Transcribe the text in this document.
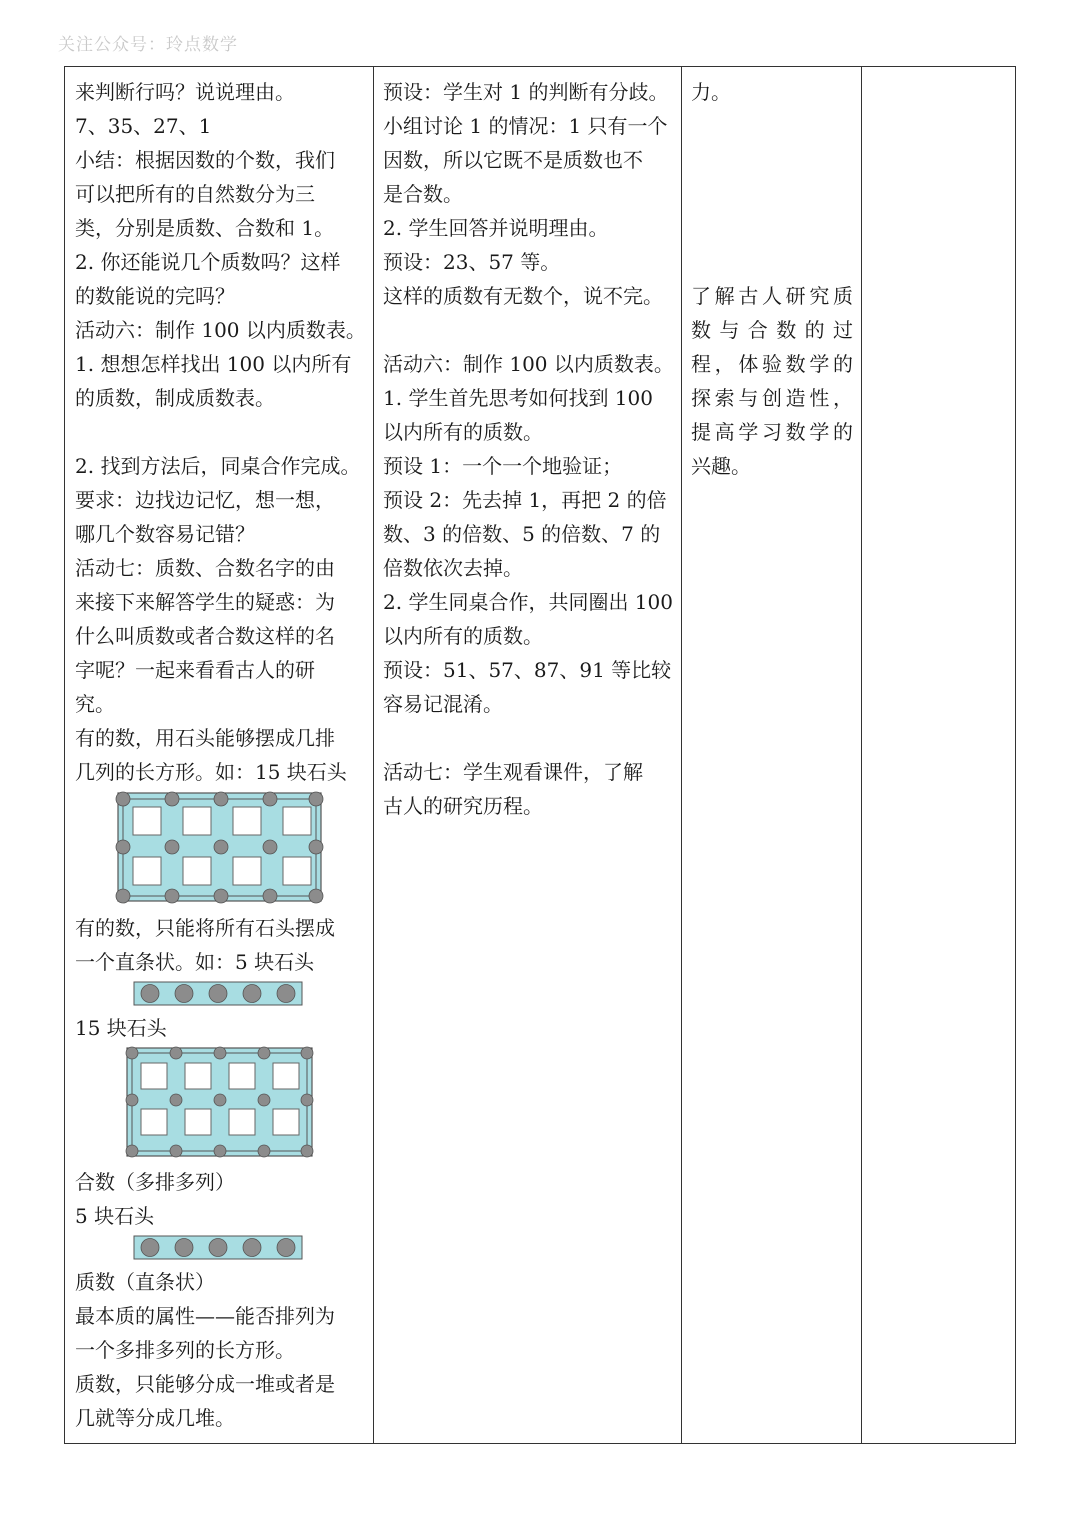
关注公众号：玲点数学
来判断行吗？说说理由。
7、35、27、1
小结：根据因数的个数，我们
可以把所有的自然数分为三
类，分别是质数、合数和 1。
2. 你还能说几个质数吗？这样
的数能说的完吗？
活动六：制作 100 以内质数表。
1. 想想怎样找出 100 以内所有
的质数，制成质数表。
2. 找到方法后，同桌合作完成。
要求：边找边记忆，想一想，
哪几个数容易记错？
活动七：质数、合数名字的由
来接下来解答学生的疑惑：为
什么叫质数或者合数这样的名
字呢？一起来看看古人的研
究。
有的数，用石头能够摆成几排
几列的长方形。如：15 块石头
有的数，只能将所有石头摆成
一个直条状。如：5 块石头
15 块石头
合数（多排多列）
5 块石头
质数（直条状）
最本质的属性——能否排列为
一个多排多列的长方形。
质数，只能够分成一堆或者是
几就等分成几堆。
预设：学生对 1 的判断有分歧。
小组讨论 1 的情况：1 只有一个
因数，所以它既不是质数也不
是合数。
2. 学生回答并说明理由。
预设：23、57 等。
这样的质数有无数个，说不完。
活动六：制作 100 以内质数表。
1. 学生首先思考如何找到 100
以内所有的质数。
预设 1：一个一个地验证；
预设 2：先去掉 1，再把 2 的倍
数、3 的倍数、5 的倍数、7 的
倍数依次去掉。
2. 学生同桌合作，共同圈出 100
以内所有的质数。
预设：51、57、87、91 等比较
容易记混淆。
活动七：学生观看课件，了解
古人的研究历程。
力。
了解古人研究质
数与合数的过
程，体验数学的
探索与创造性，
提高学习数学的
兴趣。
